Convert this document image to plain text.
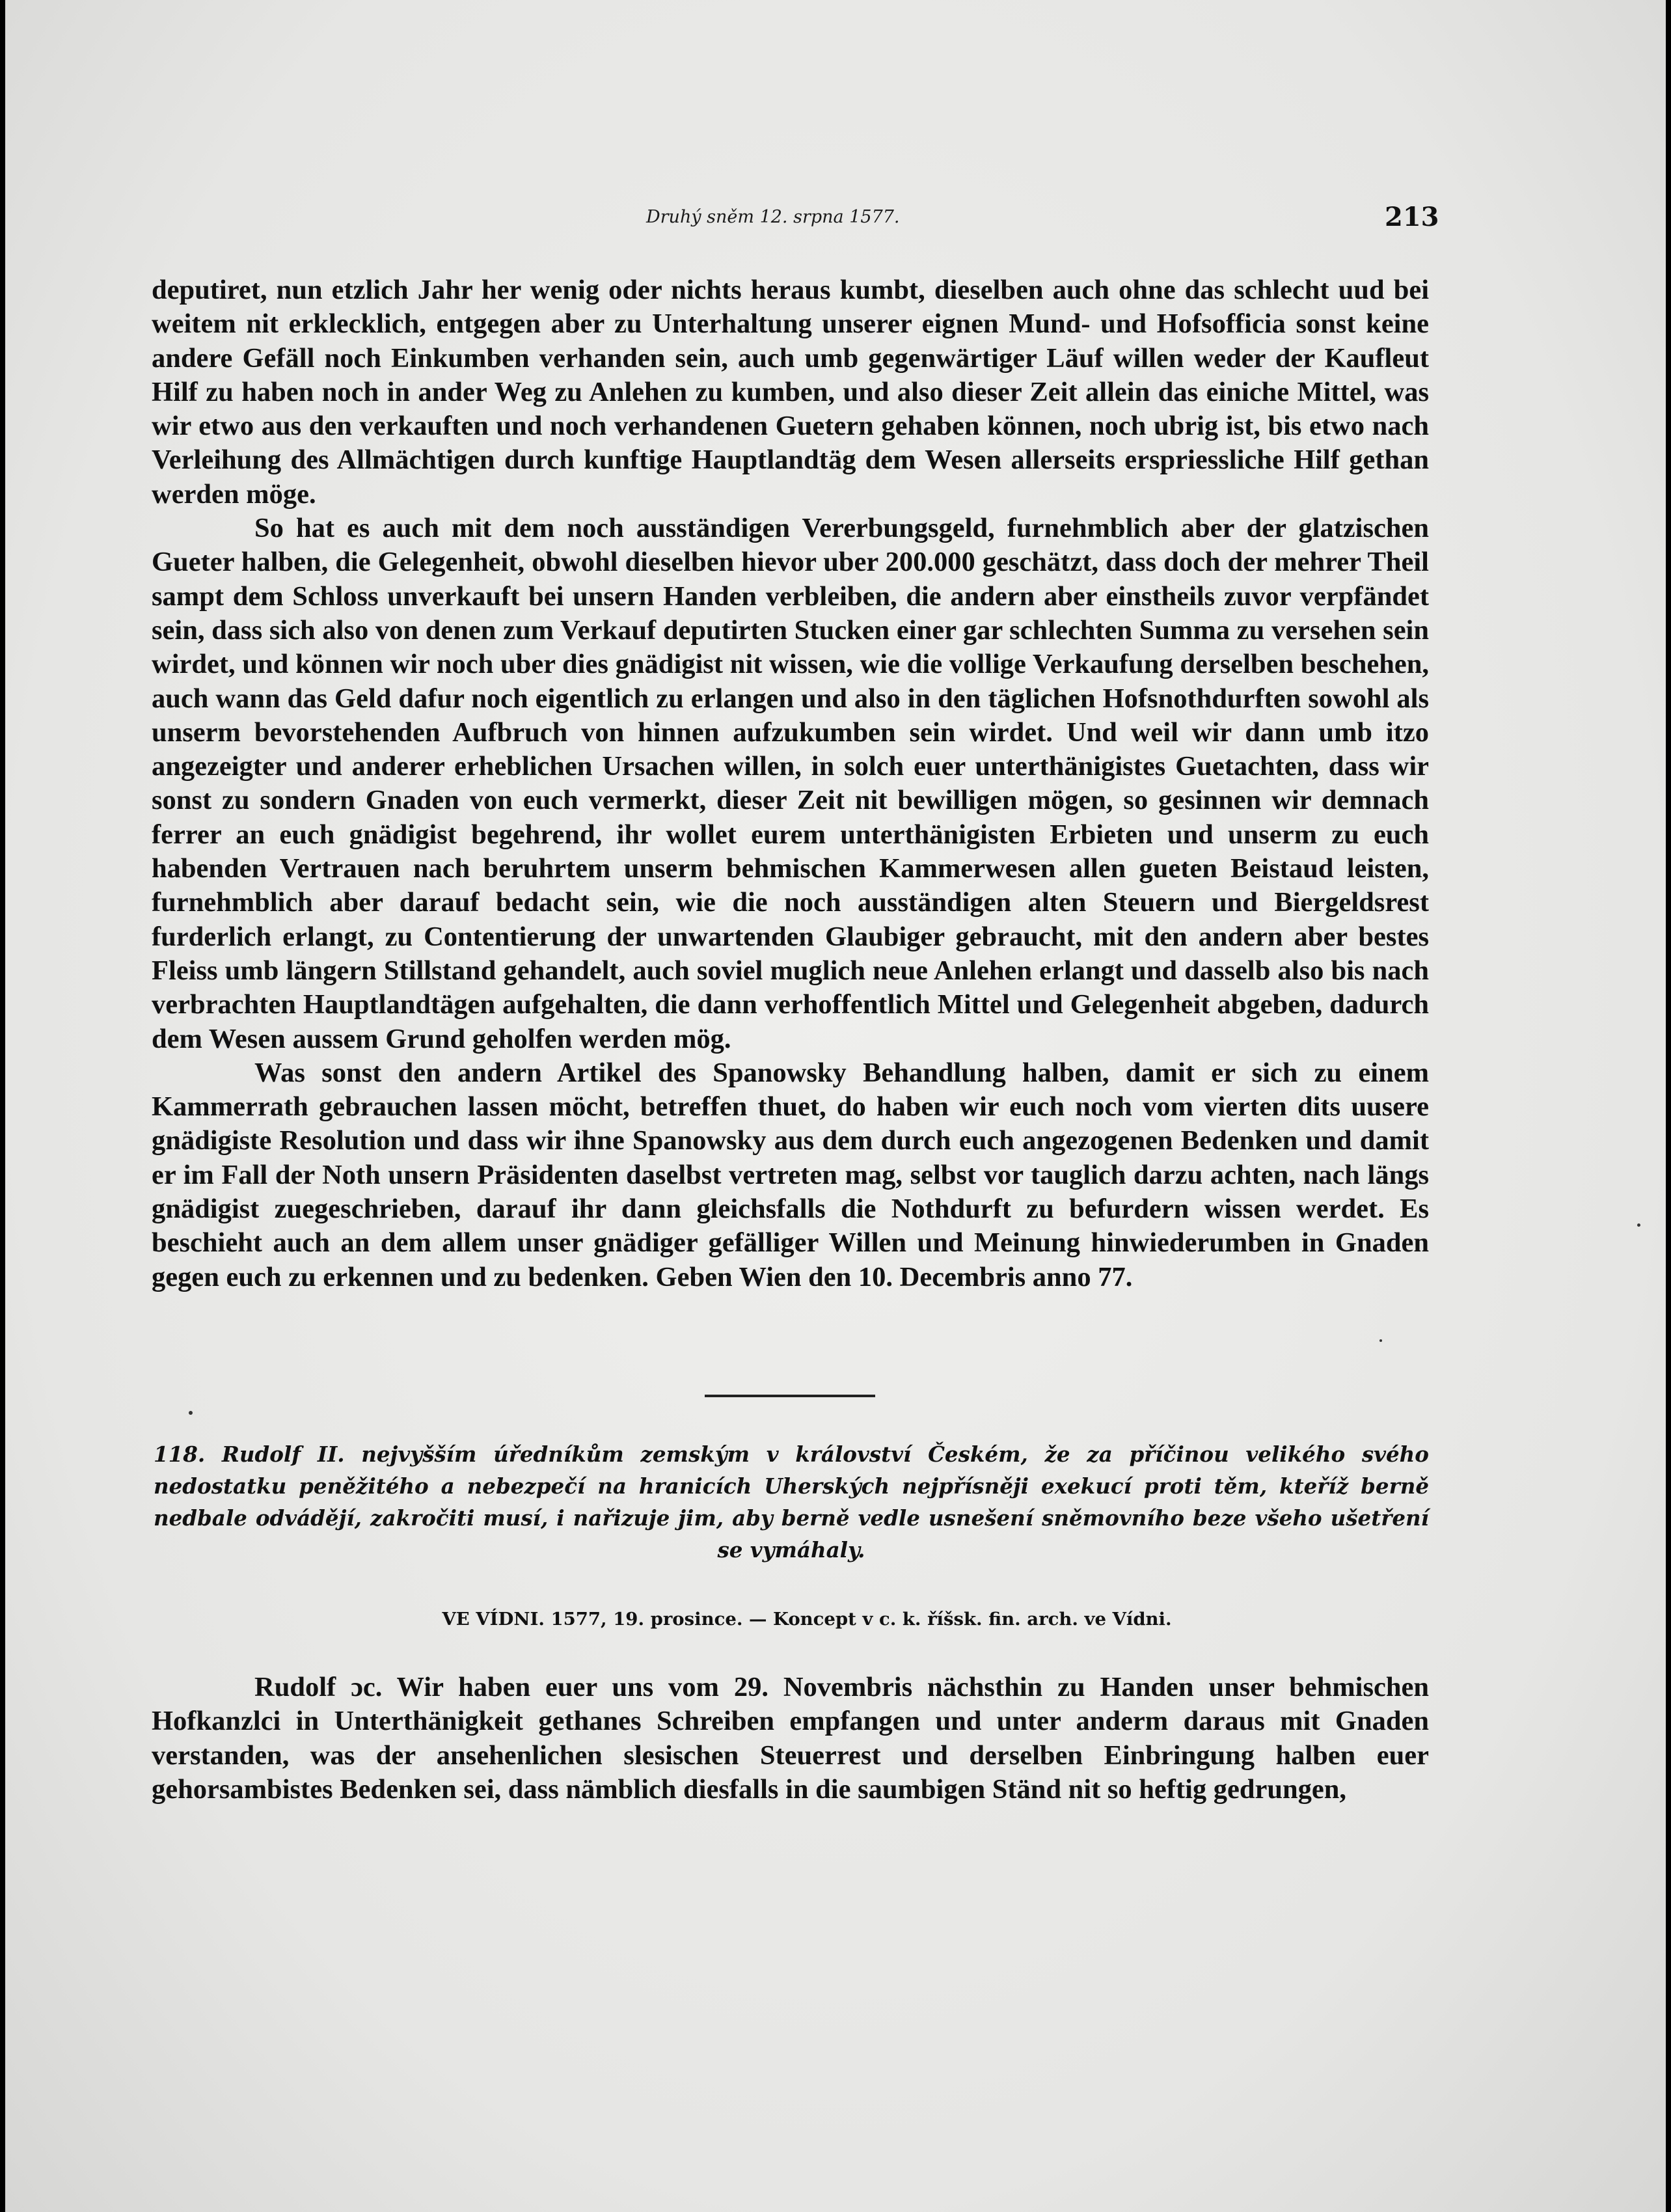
Druhý sněm 12. srpna 1577.	213

deputiret, nun etzlich Jahr her wenig oder nichts heraus kumbt, dieselben auch ohne das schlecht uud bei weitem nit erklecklich, entgegen aber zu Unterhaltung unserer eignen Mund- und Hofsofficia sonst keine andere Gefäll noch Einkumben verhanden sein, auch umb gegenwärtiger Läuf willen weder der Kaufleut Hilf zu haben noch in ander Weg zu Anlehen zu kumben, und also dieser Zeit allein das einiche Mittel, was wir etwo aus den verkauften und noch verhandenen Guetern gehaben können, noch ubrig ist, bis etwo nach Verleihung des Allmächtigen durch kunftige Hauptlandtäg dem Wesen allerseits erspriessliche Hilf gethan werden möge.

So hat es auch mit dem noch ausständigen Vererbungsgeld, furnehmblich aber der glatzischen Gueter halben, die Gelegenheit, obwohl dieselben hievor uber 200.000 geschätzt, dass doch der mehrer Theil sampt dem Schloss unverkauft bei unsern Handen verbleiben, die andern aber einstheils zuvor verpfändet sein, dass sich also von denen zum Verkauf deputirten Stucken einer gar schlechten Summa zu versehen sein wirdet, und können wir noch uber dies gnädigist nit wissen, wie die vollige Verkaufung derselben beschehen, auch wann das Geld dafur noch eigentlich zu erlangen und also in den täglichen Hofsnothdurften sowohl als unserm bevorstehenden Aufbruch von hinnen aufzukumben sein wirdet. Und weil wir dann umb itzo angezeigter und anderer erheblichen Ursachen willen, in solch euer unterthänigistes Guetachten, dass wir sonst zu sondern Gnaden von euch vermerkt, dieser Zeit nit bewilligen mögen, so gesinnen wir demnach ferrer an euch gnädigist begehrend, ihr wollet eurem unterthänigisten Erbieten und unserm zu euch habenden Vertrauen nach beruhrtem unserm behmischen Kammerwesen allen gueten Beistaud leisten, furnehmblich aber darauf bedacht sein, wie die noch ausständigen alten Steuern und Biergeldsrest furderlich erlangt, zu Contentierung der unwartenden Glaubiger gebraucht, mit den andern aber bestes Fleiss umb längern Stillstand gehandelt, auch soviel muglich neue Anlehen erlangt und dasselb also bis nach verbrachten Hauptlandtägen aufgehalten, die dann verhoffentlich Mittel und Gelegenheit abgeben, dadurch dem Wesen aussem Grund geholfen werden mög.

Was sonst den andern Artikel des Spanowsky Behandlung halben, damit er sich zu einem Kammerrath gebrauchen lassen möcht, betreffen thuet, do haben wir euch noch vom vierten dits uusere gnädigiste Resolution und dass wir ihne Spanowsky aus dem durch euch angezogenen Bedenken und damit er im Fall der Noth unsern Präsidenten daselbst vertreten mag, selbst vor tauglich darzu achten, nach längs gnädigist zuegeschrieben, darauf ihr dann gleichsfalls die Nothdurft zu befurdern wissen werdet. Es beschieht auch an dem allem unser gnädiger gefälliger Willen und Meinung hinwiederumben in Gnaden gegen euch zu erkennen und zu bedenken. Geben Wien den 10. Decembris anno 77.

118. Rudolf II. nejvyšším úředníkům zemským v království Českém, že za příčinou velikého svého nedostatku peněžitého a nebezpečí na hranicích Uherských nejpřísněji exekucí proti těm, kteříž berně nedbale odvádějí, zakročiti musí, i nařizuje jim, aby berně vedle usnešení sněmovního beze všeho ušetření se vymáhaly.
VE VÍDNI. 1577, 19. prosince. — Koncept v c. k. říšsk. fin. arch. ve Vídni.

Rudolf ɔc. Wir haben euer uns vom 29. Novembris nächsthin zu Handen unser behmischen Hofkanzlci in Unterthänigkeit gethanes Schreiben empfangen und unter anderm daraus mit Gnaden verstanden, was der ansehenlichen slesischen Steuerrest und derselben Einbringung halben euer gehorsambistes Bedenken sei, dass nämblich diesfalls in die saumbigen Ständ nit so heftig gedrungen,
